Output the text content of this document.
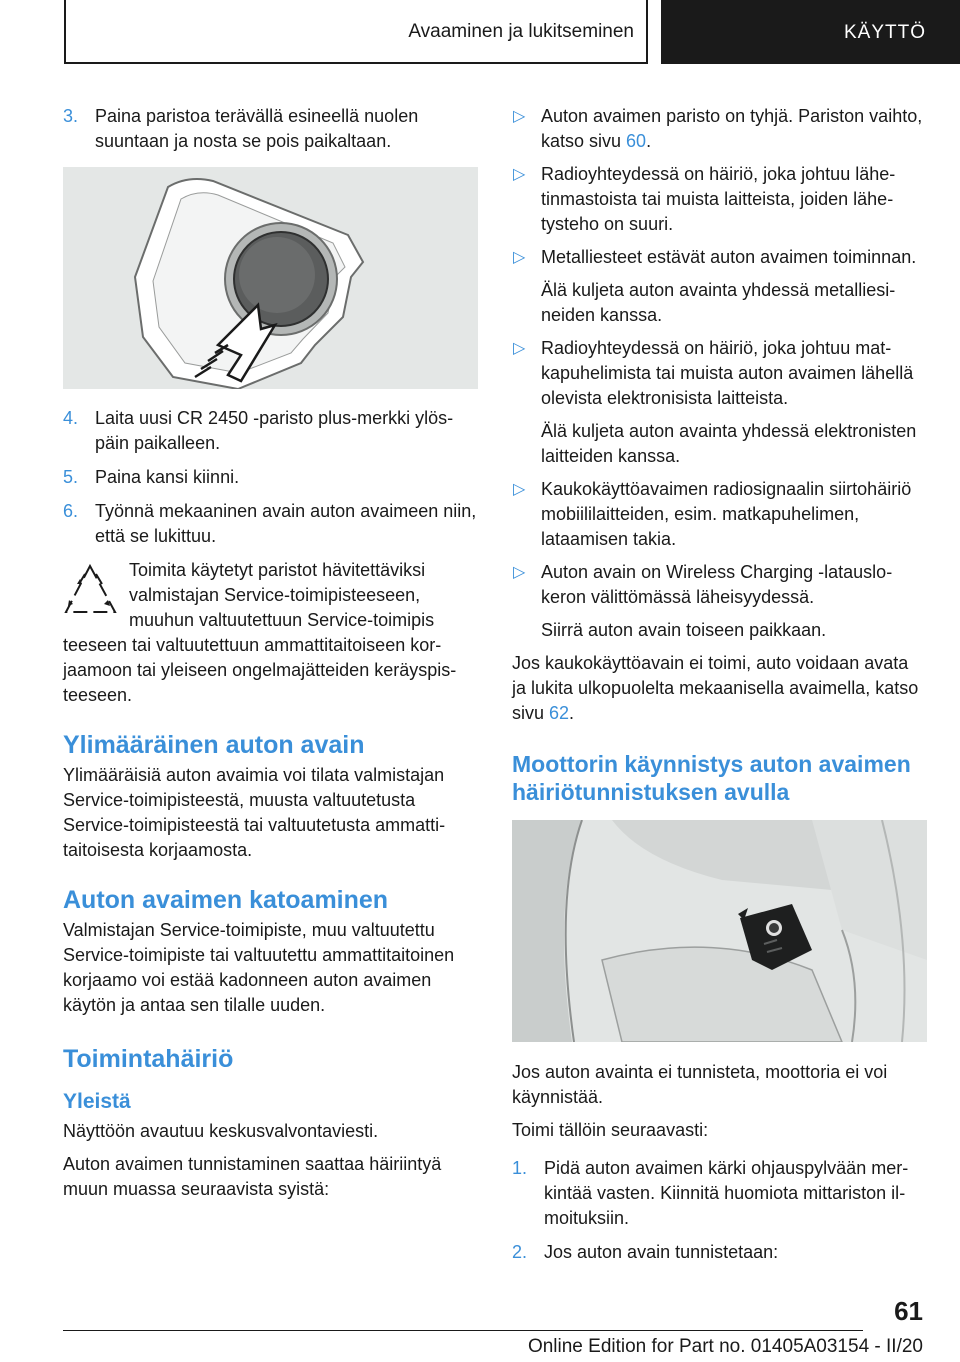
Avaaminen ja lukitseminen	KÄYTTÖ
3. Paina paristoa terävällä esineellä nuolen suuntaan ja nosta se pois paikaltaan.
4. Laita uusi CR 2450 -paristo plus-merkki ylöspäin paikalleen.
5. Paina kansi kiinni.
6. Työnnä mekaaninen avain auton avaimeen niin, että se lukittuu.

Toimita käytetyt paristot hävitettäviksi valmistajan Service-toimipisteeseen, muuhun valtuutettuun Service-toimipis
teeseen tai valtuutettuun ammattitaitoiseen korjaamoon tai yleiseen ongelmajätteiden keräyspisteeseen.

Ylimääräinen auton avain

Ylimääräisiä auton avaimia voi tilata valmistajan Service-toimipisteestä, muusta valtuutetusta Service-toimipisteestä tai valtuutetusta ammattitaitoisesta korjaamosta.

Auton avaimen katoaminen

Valmistajan Service-toimipiste, muu valtuutettu Service-toimipiste tai valtuutettu ammattitaitoinen korjaamo voi estää kadonneen auton avaimen käytön ja antaa sen tilalle uuden.

Toimintahäiriö
Yleistä

Näyttöön avautuu keskusvalvontaviesti.

Auton avaimen tunnistaminen saattaa häiriintyä muun muassa seuraavista syistä:

▷ Auton avaimen paristo on tyhjä. Pariston vaihto, katso sivu 60.
▷ Radioyhteydessä on häiriö, joka johtuu lähetinmastoista tai muista laitteista, joiden lähetysteho on suuri.
▷ Metalliesteet estävät auton avaimen toiminnan.
Älä kuljeta auton avainta yhdessä metalliesineiden kanssa.
▷ Radioyhteydessä on häiriö, joka johtuu matkapuhelimista tai muista auton avaimen lähellä olevista elektronisista laitteista.
Älä kuljeta auton avainta yhdessä elektronisten laitteiden kanssa.
▷ Kaukokäyttöavaimen radiosignaalin siirtohäiriö mobiililaitteiden, esim. matkapuhelimen, lataamisen takia.
▷ Auton avain on Wireless Charging -latauslokeron välittömässä läheisyydessä.
Siirrä auton avain toiseen paikkaan.

Jos kaukokäyttöavain ei toimi, auto voidaan avata ja lukita ulkopuolelta mekaanisella avaimella, katso sivu 62.

Moottorin käynnistys auton avaimen häiriötunnistuksen avulla

Jos auton avainta ei tunnisteta, moottoria ei voi käynnistää.

Toimi tällöin seuraavasti:

1. Pidä auton avaimen kärki ohjauspylvään merkintää vasten. Kiinnitä huomiota mittariston ilmoituksiin.
2. Jos auton avain tunnistetaan:
61
Online Edition for Part no. 01405A03154 - II/20
